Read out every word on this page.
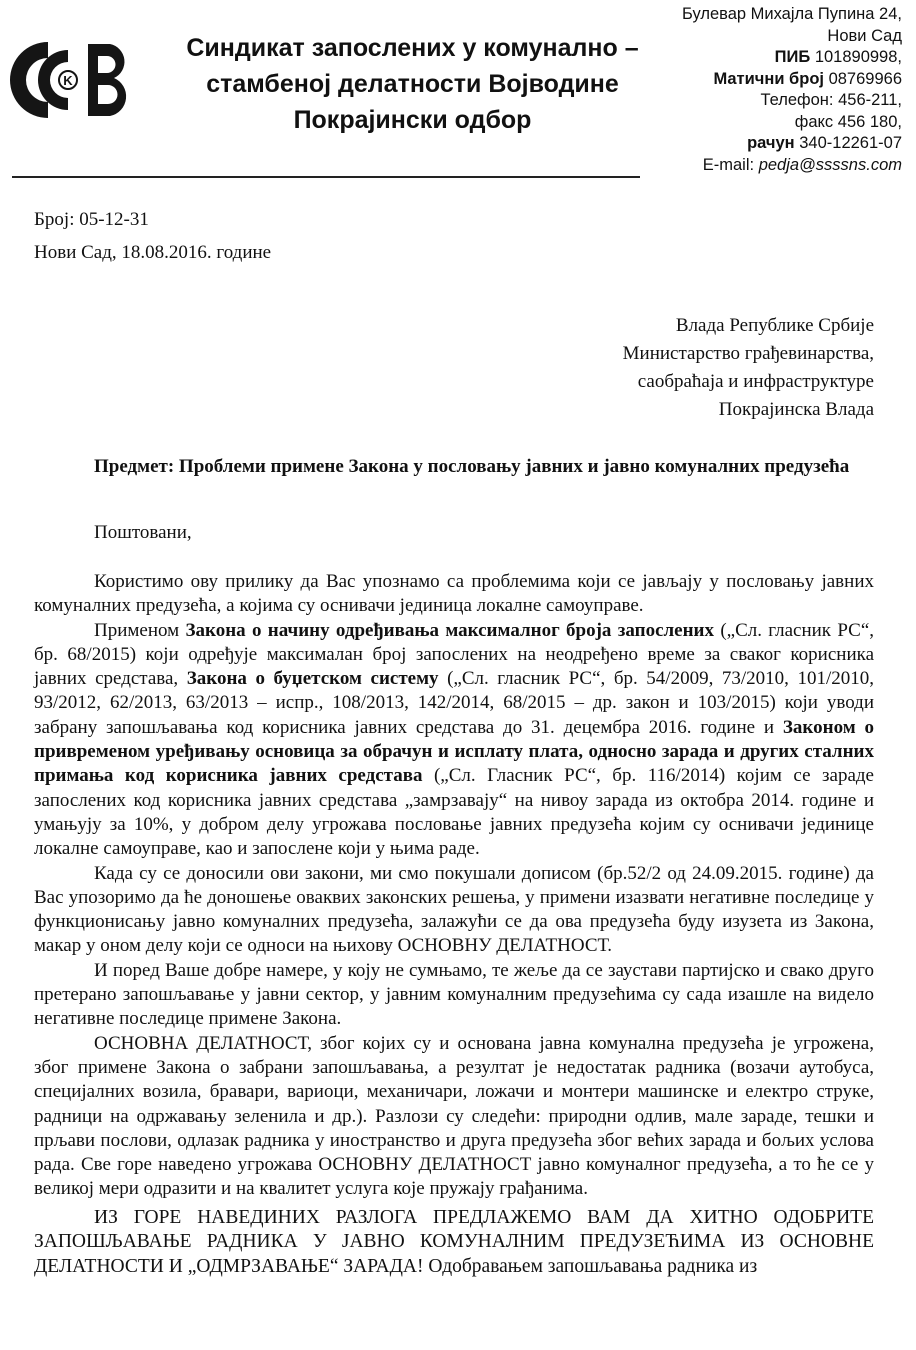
K
Синдикат запослених у комунално –
стамбеној делатности Војводине
Покрајински одбор
Булевар Михајла Пупина 24,
Нови Сад
ПИБ 101890998,
Матични број 08769966
Телефон: 456-211,
факс 456 180,
рачун 340-12261-07
E-mail: pedja@ssssns.com
Број: 05-12-31
Нови Сад, 18.08.2016. године
Влада Републике Србије
Министарство грађевинарства,
саобраћаја и инфраструктуре
Покрајинска Влада
Предмет: Проблеми примене Закона у пословању јавних и јавно комуналних предузећа
Поштовани,

Користимо ову прилику да Вас упознамо са проблемима који се јављају у пословању јавних комуналних предузећа, а којима су оснивачи јединица локалне самоуправе.

Применом Закона о начину одређивања максималног броја запослених („Сл. гласник РС“, бр. 68/2015) који одређује максималан број запослених на неодређено време за сваког корисника јавних средстава, Закона о буџетском систему („Сл. гласник РС“, бр. 54/2009, 73/2010, 101/2010, 93/2012, 62/2013, 63/2013 – испр., 108/2013, 142/2014, 68/2015 – др. закон и 103/2015) који уводи забрану запошљавања код корисника јавних средстава до 31. децембра 2016. године и Законом о привременом уређивању основица за обрачун и исплату плата, односно зарада и других сталних примања код корисника јавних средстава („Сл. Гласник РС“, бр. 116/2014) којим се зараде запослених код корисника јавних средстава „замрзавају“ на нивоу зарада из октобра 2014. године и умањују за 10%, у добром делу угрожава пословање јавних предузећа којим су оснивачи јединице локалне самоуправе, као и запослене који у њима раде.

Када су се доносили ови закони, ми смо покушали дописом (бр.52/2 од 24.09.2015. године) да Вас упозоримо да ће доношење оваквих законских решења, у примени изазвати негативне последице у функционисању јавно комуналних предузећа, залажући се да ова предузећа буду изузета из Закона, макар у оном делу који се односи на њихову ОСНОВНУ ДЕЛАТНОСТ.

И поред Ваше добре намере, у коју не сумњамо, те жеље да се заустави партијско и свако друго претерано запошљавање у јавни сектор, у јавним комуналним предузећима су сада изашле на видело негативне последице примене Закона.

ОСНОВНА ДЕЛАТНОСТ, због којих су и основана јавна комунална предузећа је угрожена, због примене Закона о забрани запошљавања, а резултат је недостатак радника (возачи аутобуса, специјалних возила, бравари, вариоци, механичари, ложачи и монтери машинске и електро струке, радници на одржавању зеленила и др.). Разлози су следећи: природни одлив, мале зараде, тешки и прљави послови, одлазак радника у иностранство и друга предузећа због већих зарада и бољих услова рада. Све горе наведено угрожава ОСНОВНУ ДЕЛАТНОСТ јавно комуналног предузећа, а то ће се у великој мери одразити и на квалитет услуга које пружају грађанима.

ИЗ ГОРЕ НАВЕДИНИХ РАЗЛОГА ПРЕДЛАЖЕМО ВАМ ДА ХИТНО ОДОБРИТЕ ЗАПОШЉАВАЊЕ РАДНИКА У ЈАВНО КОМУНАЛНИМ ПРЕДУЗЕЋИМА ИЗ ОСНОВНЕ ДЕЛАТНОСТИ И „ОДМРЗАВАЊЕ“ ЗАРАДА! Одобравањем запошљавања радника из
